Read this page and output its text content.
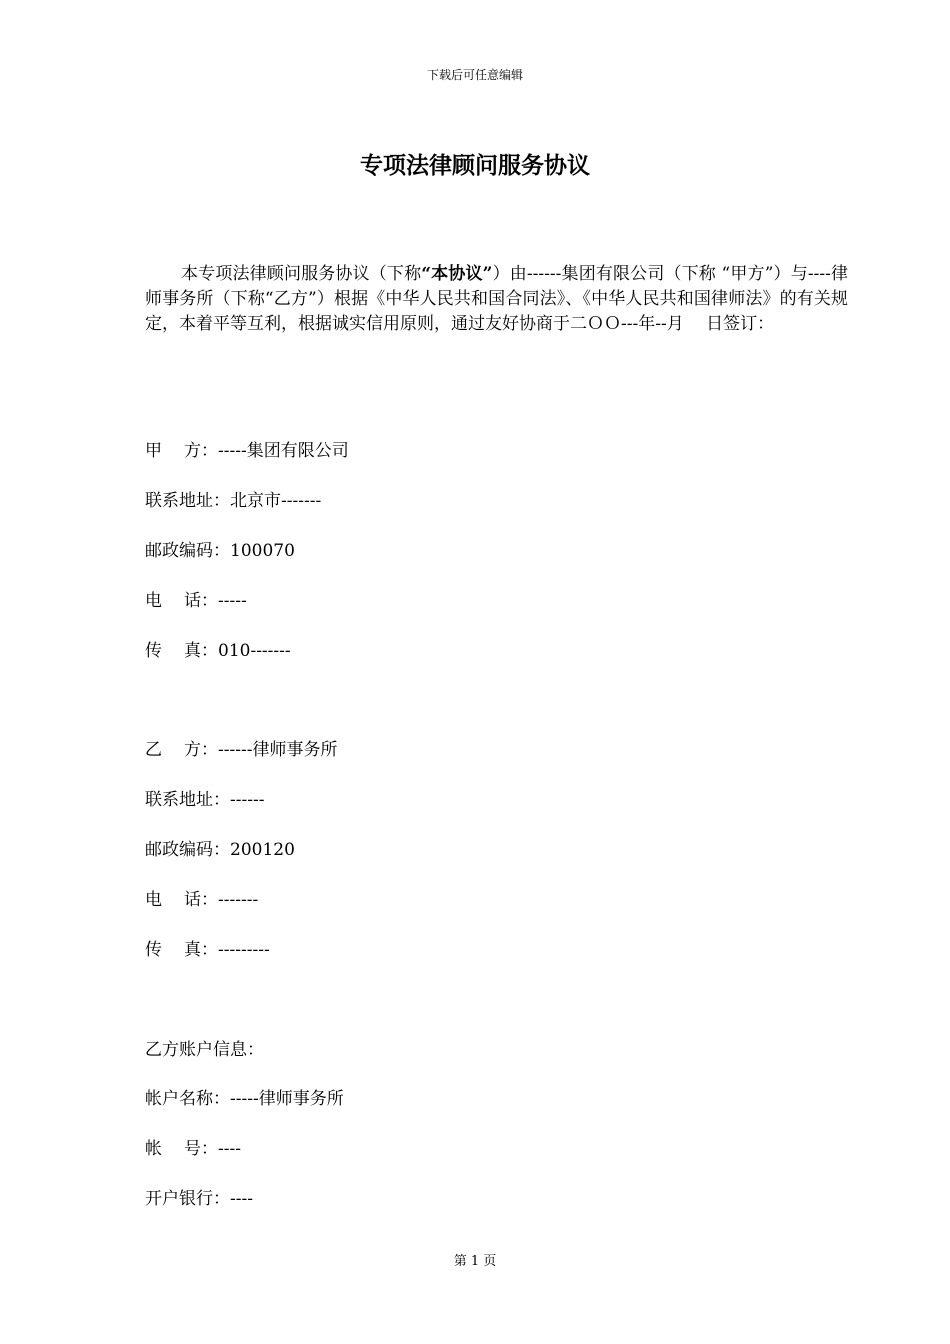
下载后可任意编辑
专项法律顾问服务协议

本专项法律顾问服务协议（下称“本协议”）由------集团有限公司（下称 “甲方”）与----律师事务所（下称“乙方”）根据《中华人民共和国合同法》、《中华人民共和国律师法》的有关规定，本着平等互利，根据诚实信用原则，通过友好协商于二ＯＯ---年--月　 日签订：

甲 方：-----集团有限公司
联系地址：北京市-------
邮政编码：100070
电 话：-----
传 真：010-------
乙 方：------律师事务所
联系地址：------
邮政编码：200120
电 话：-------
传 真：---------
乙方账户信息：
帐户名称：-----律师事务所
帐 号：----
开户银行：----
第 1 页
